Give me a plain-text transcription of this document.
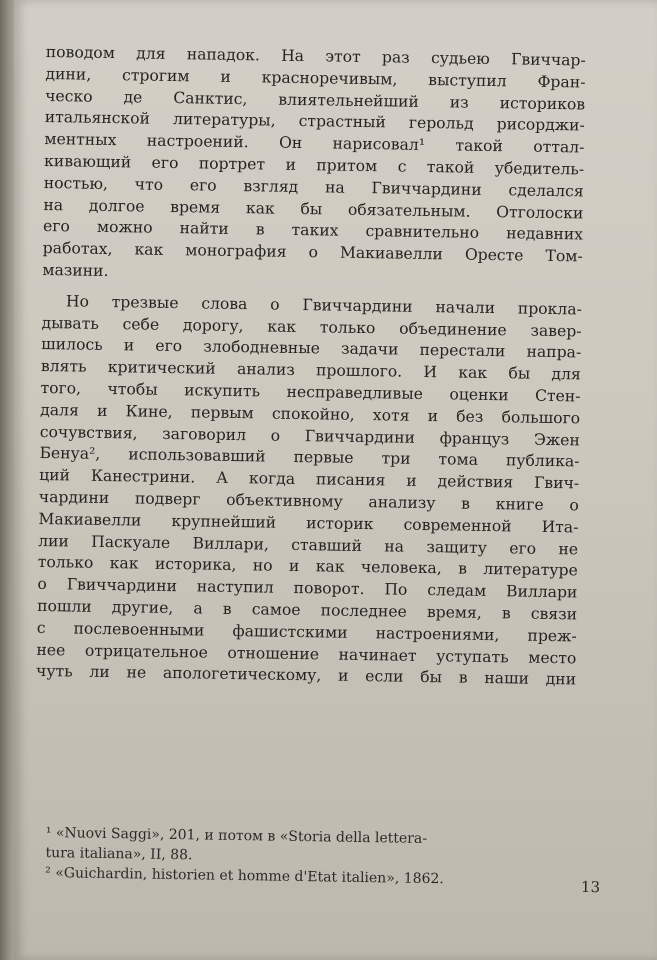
поводом для нападок. На этот раз судьею Гвиччар-
дини, строгим и красноречивым, выступил Фран-
ческо де Санктис, влиятельнейший из историков
итальянской литературы, страстный герольд рисорджи-
ментных настроений. Он нарисовал¹ такой оттал-
кивающий его портрет и притом с такой убедитель-
ностью, что его взгляд на Гвиччардини сделался
на долгое время как бы обязательным. Отголоски
его можно найти в таких сравнительно недавних
работах, как монография о Макиавелли Оресте Том-
мазини.
Но трезвые слова о Гвиччардини начали прокла-
дывать себе дорогу, как только объединение завер-
шилось и его злободневные задачи перестали напра-
влять критический анализ прошлого. И как бы для
того, чтобы искупить несправедливые оценки Стен-
даля и Кине, первым спокойно, хотя и без большого
сочувствия, заговорил о Гвиччардини француз Эжен
Бенуа², использовавший первые три тома публика-
ций Канестрини. А когда писания и действия Гвич-
чардини подверг объективному анализу в книге о
Макиавелли крупнейший историк современной Ита-
лии Паскуале Виллари, ставший на защиту его не
только как историка, но и как человека, в литературе
о Гвиччардини наступил поворот. По следам Виллари
пошли другие, а в самое последнее время, в связи
с послевоенными фашистскими настроениями, преж-
нее отрицательное отношение начинает уступать место
чуть ли не апологетическому, и если бы в наши дни
¹ «Nuovi Saggi», 201, и потом в «Storia della lettera-
tura italiana», II, 88.
² «Guichardin, historien et homme d'Etat italien», 1862.	13
